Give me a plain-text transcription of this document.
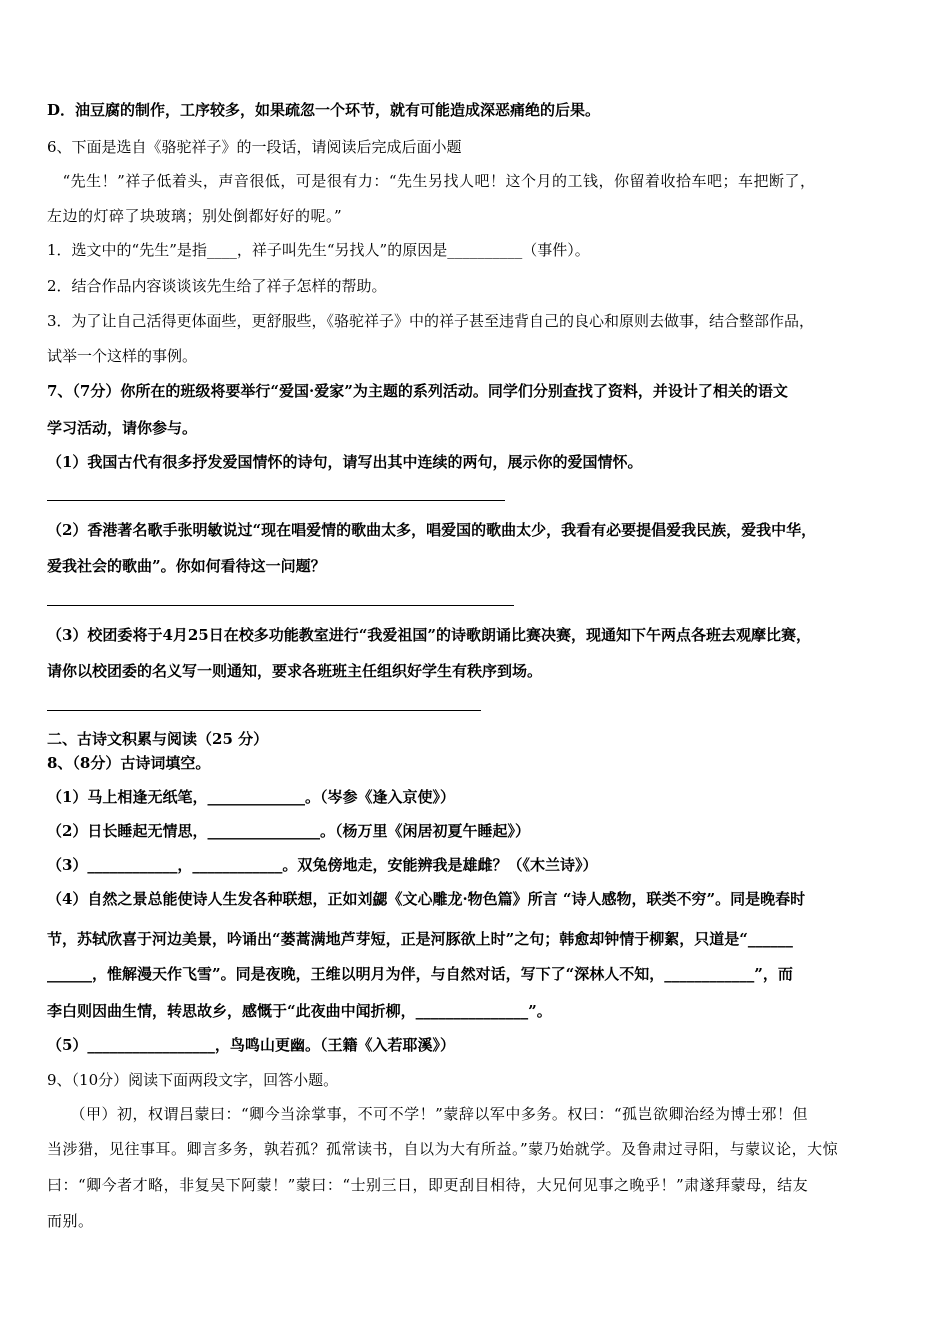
D．油豆腐的制作，工序较多，如果疏忽一个环节，就有可能造成深恶痛绝的后果。
6、下面是选自《骆驼祥子》的一段话，请阅读后完成后面小题
　“先生！”祥子低着头，声音很低，可是很有力：“先生另找人吧！这个月的工钱，你留着收拾车吧；车把断了，
左边的灯碎了块玻璃；别处倒都好好的呢。”
1．选文中的“先生”是指____，祥子叫先生“另找人”的原因是__________（事件）。
2．结合作品内容谈谈该先生给了祥子怎样的帮助。
3．为了让自己活得更体面些，更舒服些，《骆驼祥子》中的祥子甚至违背自己的良心和原则去做事，结合整部作品，
试举一个这样的事例。
7、（7分）你所在的班级将要举行“爱国·爱家”为主题的系列活动。同学们分别查找了资料，并设计了相关的语文
学习活动，请你参与。
（1）我国古代有很多抒发爱国情怀的诗句，请写出其中连续的两句，展示你的爱国情怀。
（2）香港著名歌手张明敏说过“现在唱爱情的歌曲太多，唱爱国的歌曲太少，我看有必要提倡爱我民族，爱我中华，
爱我社会的歌曲”。你如何看待这一问题？
（3）校团委将于4月25日在校多功能教室进行“我爱祖国”的诗歌朗诵比赛决赛，现通知下午两点各班去观摩比赛，
请你以校团委的名义写一则通知，要求各班班主任组织好学生有秩序到场。
二、古诗文积累与阅读（25 分）
8、（8分）古诗词填空。
（1）马上相逢无纸笔，_____________。（岑参《逢入京使》）
（2）日长睡起无情思，_______________。（杨万里《闲居初夏午睡起》）
（3）____________，____________。双兔傍地走，安能辨我是雄雌？（《木兰诗》）
（4）自然之景总能使诗人生发各种联想，正如刘勰《文心雕龙·物色篇》所言 “诗人感物，联类不穷”。同是晚春时
节，苏轼欣喜于河边美景，吟诵出“蒌蒿满地芦芽短，正是河豚欲上时”之句；韩愈却钟情于柳絮，只道是“______
______，惟解漫天作飞雪”。同是夜晚，王维以明月为伴，与自然对话，写下了“深林人不知，____________”，而
李白则因曲生情，转思故乡，感慨于“此夜曲中闻折柳，_______________”。
（5）_________________，鸟鸣山更幽。（王籍《入若耶溪》）
9、（10分）阅读下面两段文字，回答小题。
　　（甲）初，权谓吕蒙曰：“卿今当涂掌事，不可不学！”蒙辞以军中多务。权曰：“孤岂欲卿治经为博士邪！但
当涉猎，见往事耳。卿言多务，孰若孤？孤常读书，自以为大有所益。”蒙乃始就学。及鲁肃过寻阳，与蒙议论，大惊
曰：“卿今者才略，非复吴下阿蒙！”蒙曰：“士别三日，即更刮目相待，大兄何见事之晚乎！”肃遂拜蒙母，结友
而别。
